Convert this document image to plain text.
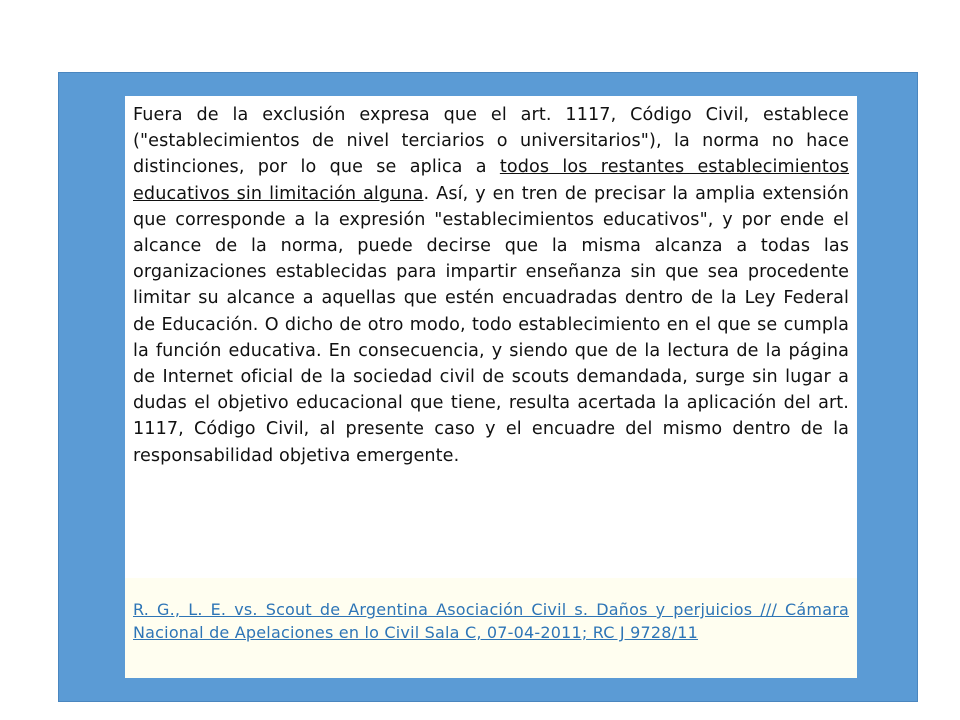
Fuera de la exclusión expresa que el art. 1117, Código Civil, establece ("establecimientos de nivel terciarios o universitarios"), la norma no hace distinciones, por lo que se aplica a todos los restantes establecimientos educativos sin limitación alguna. Así, y en tren de precisar la amplia extensión que corresponde a la expresión "establecimientos educativos", y por ende el alcance de la norma, puede decirse que la misma alcanza a todas las organizaciones establecidas para impartir enseñanza sin que sea procedente limitar su alcance a aquellas que estén encuadradas dentro de la Ley Federal de Educación. O dicho de otro modo, todo establecimiento en el que se cumpla la función educativa. En consecuencia, y siendo que de la lectura de la página de Internet oficial de la sociedad civil de scouts demandada, surge sin lugar a dudas el objetivo educacional que tiene, resulta acertada la aplicación del art. 1117, Código Civil, al presente caso y el encuadre del mismo dentro de la responsabilidad objetiva emergente.

R. G., L. E. vs. Scout de Argentina Asociación Civil s. Daños y perjuicios /// Cámara Nacional de Apelaciones en lo Civil Sala C, 07-04-2011; RC J 9728/11
